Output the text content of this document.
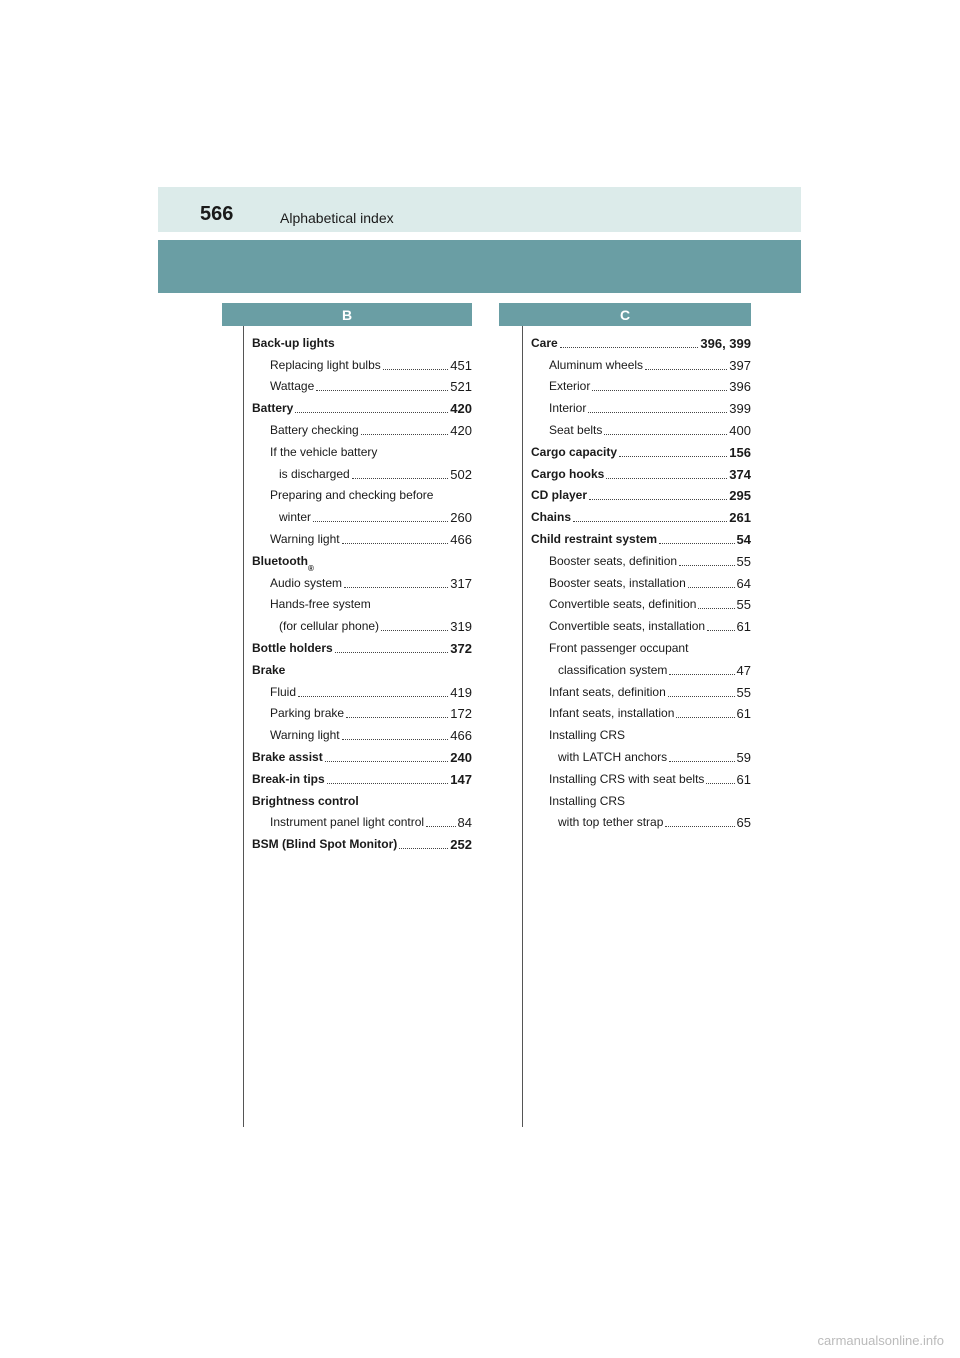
566	Alphabetical index
B	C
Back-up lights
Replacing light bulbs	451
Wattage	521
Battery	420
Battery checking	420
If the vehicle battery
is discharged	502
Preparing and checking before
winter	260
Warning light	466
Bluetooth
®
Audio system	317
Hands-free system
(for cellular phone)	319
Bottle holders	372
Brake
Fluid	419
Parking brake	172
Warning light	466
Brake assist	240
Break-in tips	147
Brightness control
Instrument panel light control	84
BSM (Blind Spot Monitor)	252
Care	396, 399
Aluminum wheels	397
Exterior	396
Interior	399
Seat belts	400
Cargo capacity	156
Cargo hooks	374
CD player	295
Chains	261
Child restraint system	54
Booster seats, definition	55
Booster seats, installation	64
Convertible seats, definition	55
Convertible seats, installation 61
Front passenger occupant
classification system	47
Infant seats, definition	55
Infant seats, installation	61
Installing CRS
with LATCH anchors	59
Installing CRS with seat belts 61
Installing CRS
with top tether strap	65
carmanualsonline.info
